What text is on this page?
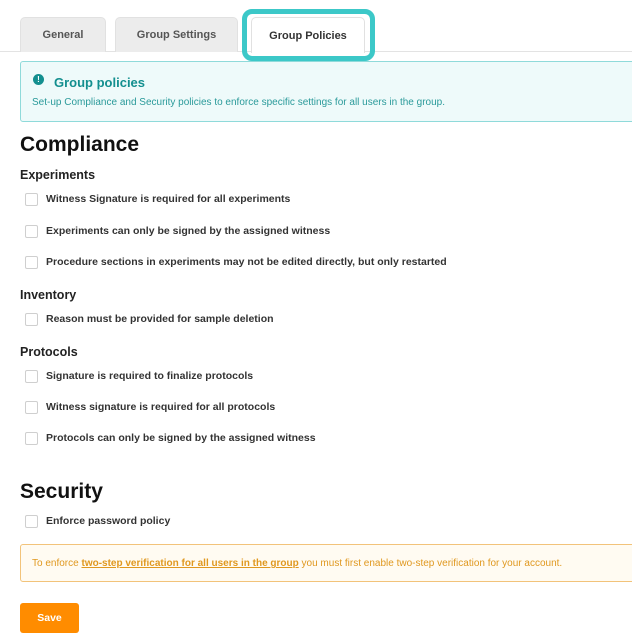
General	Group Settings	Group Policies
!	Group policies
Set-up Compliance and Security policies to enforce specific settings for all users in the group.
Compliance
Experiments
Witness Signature is required for all experiments
Experiments can only be signed by the assigned witness
Procedure sections in experiments may not be edited directly, but only restarted
Inventory
Reason must be provided for sample deletion
Protocols
Signature is required to finalize protocols
Witness signature is required for all protocols
Protocols can only be signed by the assigned witness
Security
Enforce password policy
To enforce two-step verification for all users in the group you must first enable two-step verification for your account.
Save
